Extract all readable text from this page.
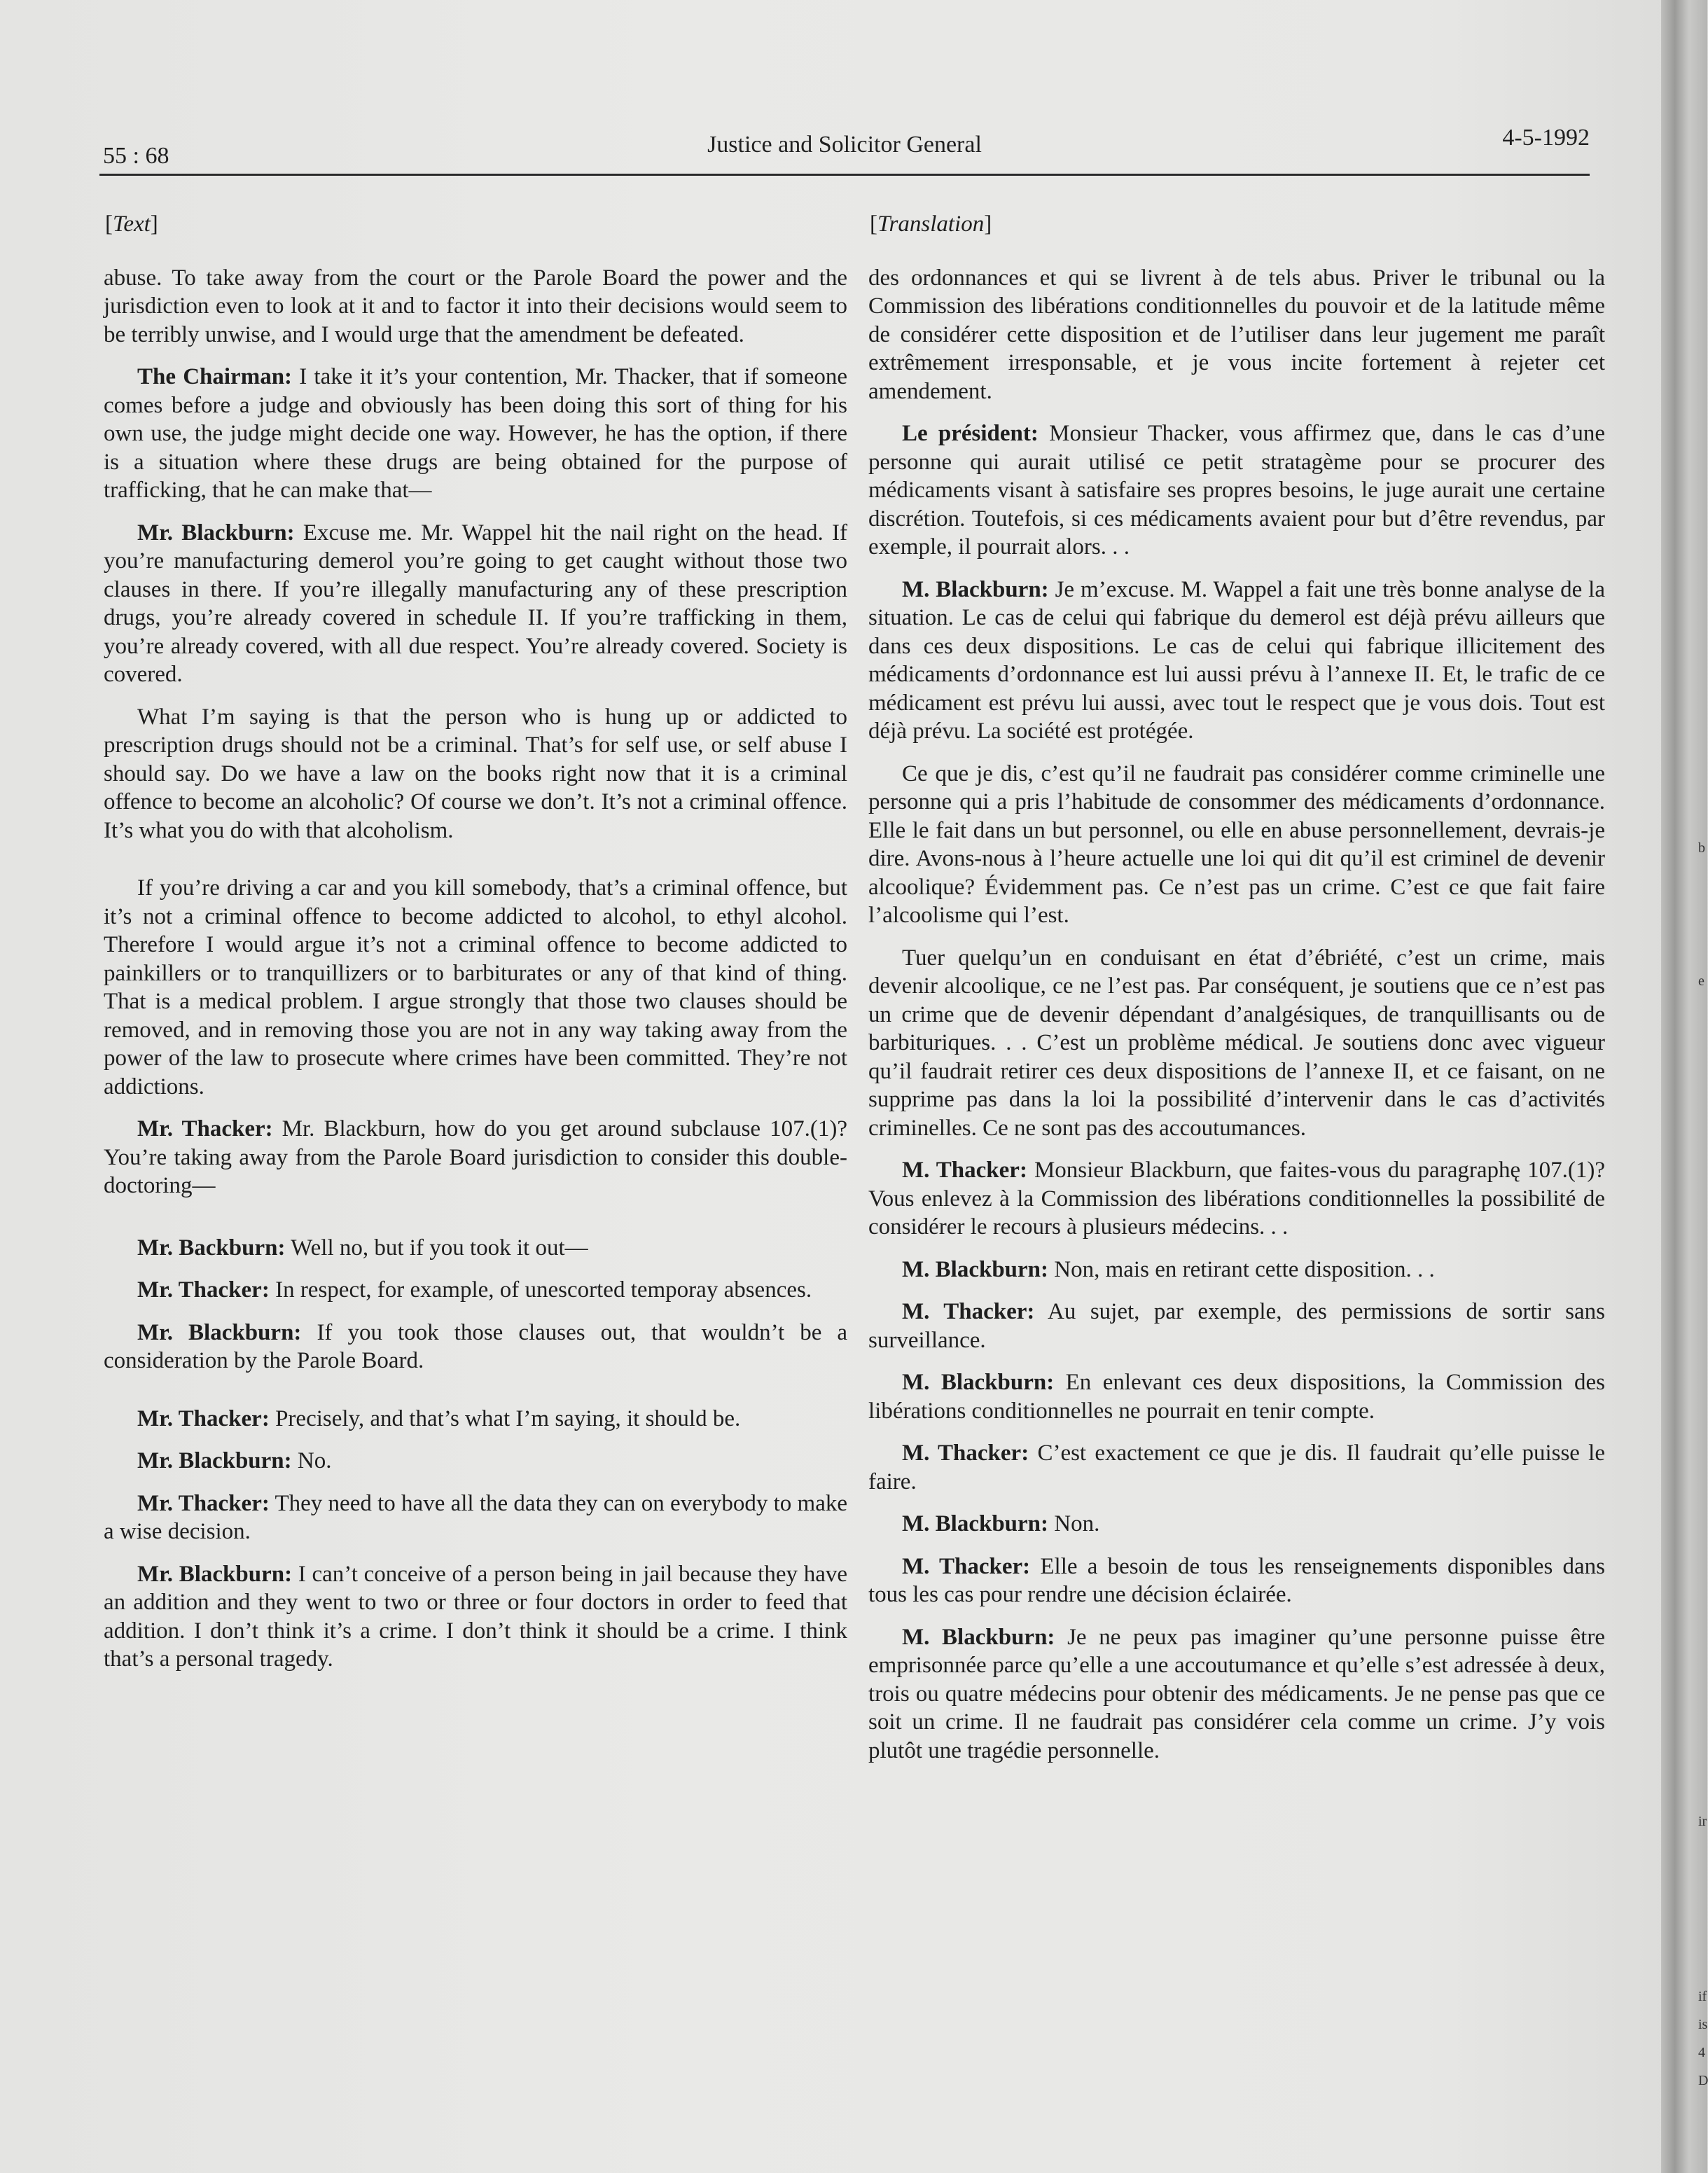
b
e
ir
if
is
4
D
55 : 68	Justice and Solicitor General	4-5-1992
[Text]

abuse. To take away from the court or the Parole Board the power and the jurisdiction even to look at it and to factor it into their decisions would seem to be terribly unwise, and I would urge that the amendment be defeated.

The Chairman: I take it it’s your contention, Mr. Thacker, that if someone comes before a judge and obviously has been doing this sort of thing for his own use, the judge might decide one way. However, he has the option, if there is a situation where these drugs are being obtained for the purpose of trafficking, that he can make that—

Mr. Blackburn: Excuse me. Mr. Wappel hit the nail right on the head. If you’re manufacturing demerol you’re going to get caught without those two clauses in there. If you’re illegally manufacturing any of these prescription drugs, you’re already covered in schedule II. If you’re trafficking in them, you’re already covered, with all due respect. You’re already covered. Society is covered.

What I’m saying is that the person who is hung up or addicted to prescription drugs should not be a criminal. That’s for self use, or self abuse I should say. Do we have a law on the books right now that it is a criminal offence to become an alcoholic? Of course we don’t. It’s not a criminal offence. It’s what you do with that alcoholism.

If you’re driving a car and you kill somebody, that’s a criminal offence, but it’s not a criminal offence to become addicted to alcohol, to ethyl alcohol. Therefore I would argue it’s not a criminal offence to become addicted to painkillers or to tranquillizers or to barbiturates or any of that kind of thing. That is a medical problem. I argue strongly that those two clauses should be removed, and in removing those you are not in any way taking away from the power of the law to prosecute where crimes have been committed. They’re not addictions.

Mr. Thacker: Mr. Blackburn, how do you get around subclause 107.(1)? You’re taking away from the Parole Board jurisdiction to consider this double-doctoring—

Mr. Backburn: Well no, but if you took it out—

Mr. Thacker: In respect, for example, of unescorted temporay absences.

Mr. Blackburn: If you took those clauses out, that wouldn’t be a consideration by the Parole Board.

Mr. Thacker: Precisely, and that’s what I’m saying, it should be.

Mr. Blackburn: No.

Mr. Thacker: They need to have all the data they can on everybody to make a wise decision.

Mr. Blackburn: I can’t conceive of a person being in jail because they have an addition and they went to two or three or four doctors in order to feed that addition. I don’t think it’s a crime. I don’t think it should be a crime. I think that’s a personal tragedy.

[Translation]

des ordonnances et qui se livrent à de tels abus. Priver le tribunal ou la Commission des libérations conditionnelles du pouvoir et de la latitude même de considérer cette disposition et de l’utiliser dans leur jugement me paraît extrêmement irresponsable, et je vous incite fortement à rejeter cet amendement.

Le président: Monsieur Thacker, vous affirmez que, dans le cas d’une personne qui aurait utilisé ce petit stratagème pour se procurer des médicaments visant à satisfaire ses propres besoins, le juge aurait une certaine discrétion. Toutefois, si ces médicaments avaient pour but d’être revendus, par exemple, il pourrait alors. . .

M. Blackburn: Je m’excuse. M. Wappel a fait une très bonne analyse de la situation. Le cas de celui qui fabrique du demerol est déjà prévu ailleurs que dans ces deux dispositions. Le cas de celui qui fabrique illicitement des médicaments d’ordonnance est lui aussi prévu à l’annexe II. Et, le trafic de ce médicament est prévu lui aussi, avec tout le respect que je vous dois. Tout est déjà prévu. La société est protégée.

Ce que je dis, c’est qu’il ne faudrait pas considérer comme criminelle une personne qui a pris l’habitude de consommer des médicaments d’ordonnance. Elle le fait dans un but personnel, ou elle en abuse personnellement, devrais-je dire. Avons-nous à l’heure actuelle une loi qui dit qu’il est criminel de devenir alcoolique? Évidemment pas. Ce n’est pas un crime. C’est ce que fait faire l’alcoolisme qui l’est.

Tuer quelqu’un en conduisant en état d’ébriété, c’est un crime, mais devenir alcoolique, ce ne l’est pas. Par conséquent, je soutiens que ce n’est pas un crime que de devenir dépendant d’analgésiques, de tranquillisants ou de barbituriques. . . C’est un problème médical. Je soutiens donc avec vigueur qu’il faudrait retirer ces deux dispositions de l’annexe II, et ce faisant, on ne supprime pas dans la loi la possibilité d’intervenir dans le cas d’activités criminelles. Ce ne sont pas des accoutumances.

M. Thacker: Monsieur Blackburn, que faites-vous du paragraphę 107.(1)? Vous enlevez à la Commission des libérations conditionnelles la possibilité de considérer le recours à plusieurs médecins. . .

M. Blackburn: Non, mais en retirant cette disposition. . .

M. Thacker: Au sujet, par exemple, des permissions de sortir sans surveillance.

M. Blackburn: En enlevant ces deux dispositions, la Commission des libérations conditionnelles ne pourrait en tenir compte.

M. Thacker: C’est exactement ce que je dis. Il faudrait qu’elle puisse le faire.

M. Blackburn: Non.

M. Thacker: Elle a besoin de tous les renseignements disponibles dans tous les cas pour rendre une décision éclairée.

M. Blackburn: Je ne peux pas imaginer qu’une personne puisse être emprisonnée parce qu’elle a une accoutumance et qu’elle s’est adressée à deux, trois ou quatre médecins pour obtenir des médicaments. Je ne pense pas que ce soit un crime. Il ne faudrait pas considérer cela comme un crime. J’y vois plutôt une tragédie personnelle.
